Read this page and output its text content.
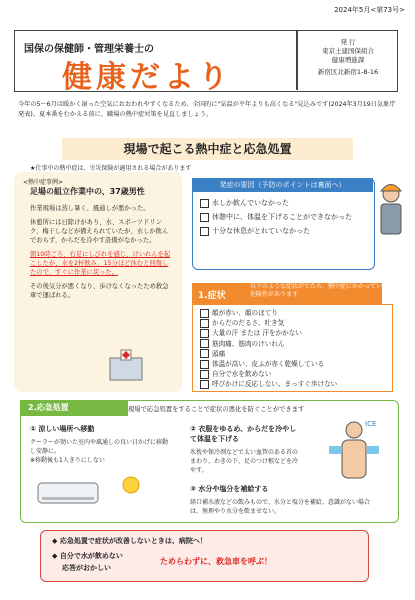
2024年5月<第73号>
国保の保健師・管理栄養士の
健康だより
発 行
東京土建国保組合
健康増進課
新宿区北新宿1-8-16
今年の5～6月は暖かく湿った空気におおわれやすくなるため、全国的に"気温が平年よりも高くなる"見込みです(2024年3月19日気象庁発表)。夏本番をむかえる前に、職場の熱中症対策を見直しましょう。
現場で起こる熱中症と応急処置
★仕事中の熱中症は、労災保険が適用される場合があります
<熱中症事例>
足場の組立作業中の、37歳男性
作業現場は蒸し暑く、風通しが悪かった。
休憩所には日除けがあり、水、スポーツドリンク、梅干しなどが備えられていたが、水しか飲んでおらず、からだを冷やす設備がなかった。
朝10時ごろ、右足にしびれを感じ、けいれんを起こしたが、水を2杯飲み、15分ほど休むと回復したので、すぐに作業に戻った。
その後気分が悪くなり、歩けなくなったため救急車で運ばれる。
発症の要因（予防のポイントは裏面へ）
水しか飲んでいなかった
休憩中に、体温を下げることができなかった
十分な休息がとれていなかった
1.症状
以下のような症状がでたら、熱中症にかかっている危険性があります
顔が赤い、顔のほてり
からだのだるさ、吐き気
大量の汗 または 汗をかかない
筋肉痛、筋肉のけいれん
頭痛
体温が高い、皮ふが赤く乾燥している
自分で水を飲めない
呼びかけに反応しない、まっすぐ歩けない
2.応急処置	現場で応急処置をすることで症状の悪化を防ぐことができます
① 涼しい場所へ移動
クーラーが効いた室内や風通しの良い日かげに移動し安静に。
※移動後も1人きりにしない
② 衣服をゆるめ、からだを冷やして体温を下げる
氷枕や保冷剤などで太い血管のある首のまわり、わきの下、足のつけ根などを冷やす。
③ 水分や塩分を補給する
経口補水液などの飲みもので、水分と塩分を補給。意識がない場合は、無理やり水分を飲ませない。
ICE
◆ 応急処置で症状が改善しないときは、病院へ！
◆ 自分で水が飲めない
応答がおかしい
ためらわずに、救急車を呼ぶ！
